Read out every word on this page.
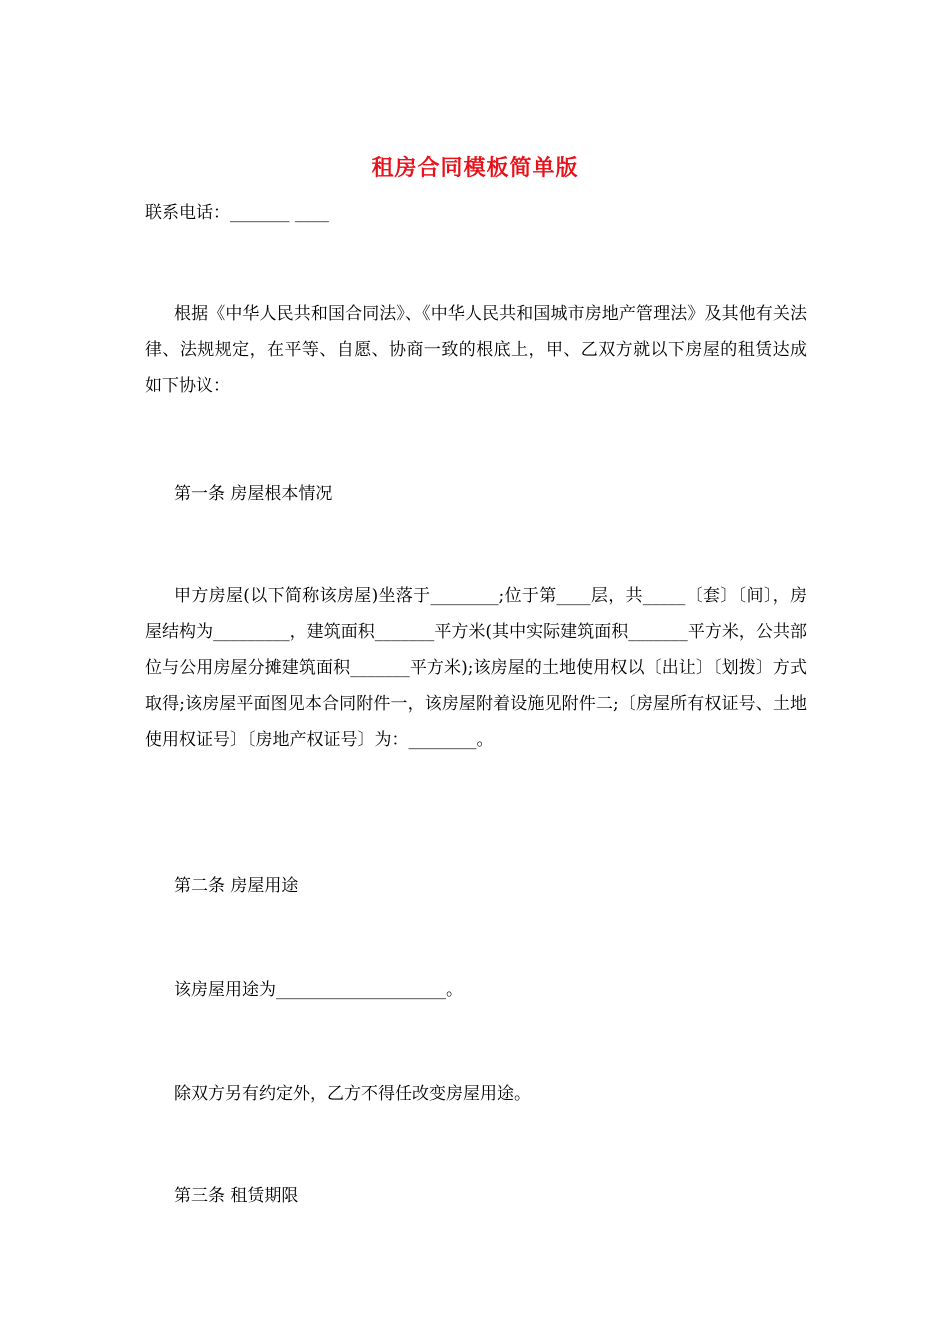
租房合同模板简单版
联系电话：_______ ____

根据《中华人民共和国合同法》、《中华人民共和国城市房地产管理法》及其他有关法律、法规规定，在平等、自愿、协商一致的根底上，甲、乙双方就以下房屋的租赁达成如下协议：

第一条 房屋根本情况

甲方房屋(以下简称该房屋)坐落于________;位于第____层，共_____〔套〕〔间〕，房屋结构为_________，建筑面积_______平方米(其中实际建筑面积_______平方米，公共部位与公用房屋分摊建筑面积_______平方米);该房屋的土地使用权以〔出让〕〔划拨〕方式取得;该房屋平面图见本合同附件一，该房屋附着设施见附件二;〔房屋所有权证号、土地使用权证号〕〔房地产权证号〕为：________。

第二条 房屋用途

该房屋用途为____________________。

除双方另有约定外，乙方不得任改变房屋用途。

第三条 租赁期限
